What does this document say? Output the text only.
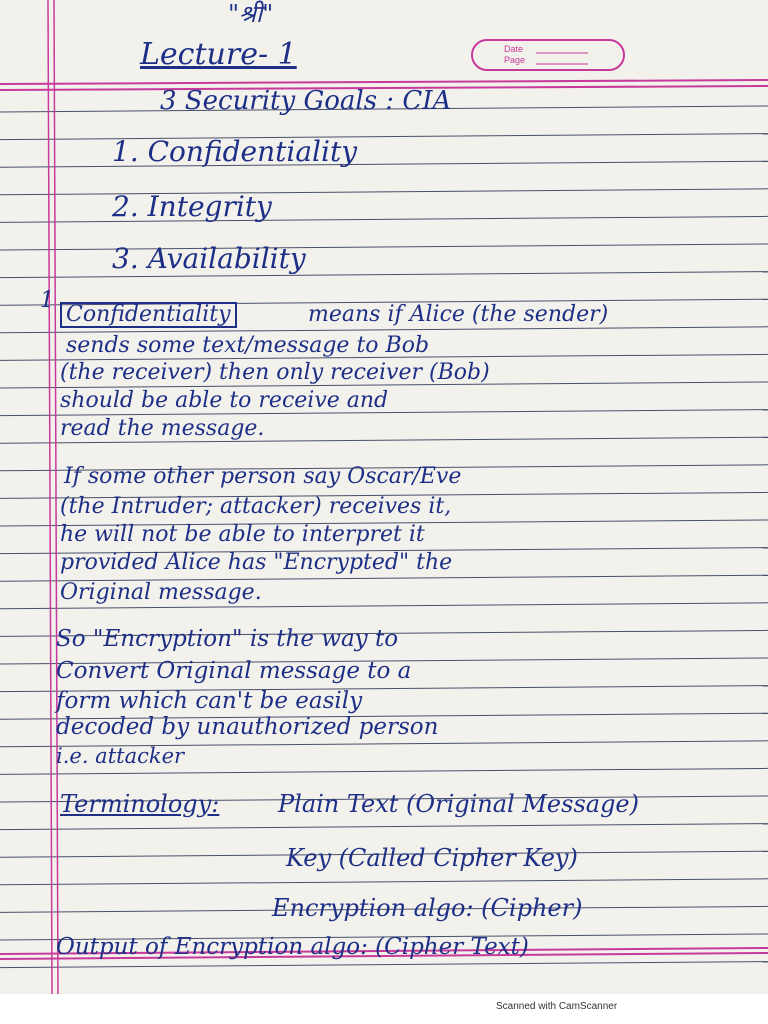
Date
Page
"श्री"
Lecture- 1
3 Security Goals : CIA
1. Confidentiality
2. Integrity
3. Availability
1
Confidentiality	means if Alice (the sender)
sends some text/message to Bob
(the receiver) then only receiver (Bob)
should be able to receive and
read the message.
If some other person say Oscar/Eve
(the Intruder; attacker) receives it,
he will not be able to interpret it
provided Alice has "Encrypted" the
Original message.
So "Encryption" is the way to
Convert Original message to a
form which can't be easily
decoded by unauthorized person
i.e. attacker
Terminology: Plain Text (Original Message)
Key (Called Cipher Key)
Encryption algo: (Cipher)
Output of Encryption algo: (Cipher Text)
Scanned with CamScanner
